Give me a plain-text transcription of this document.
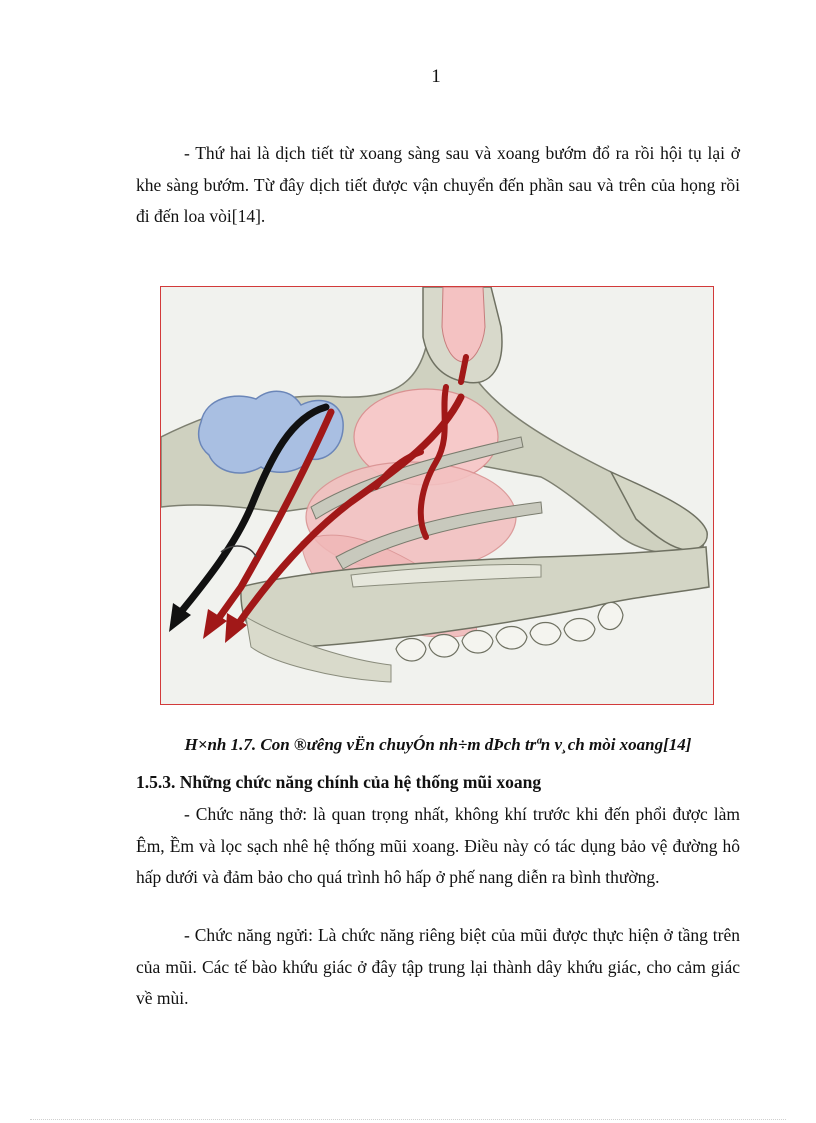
1

- Thứ hai là dịch tiết từ xoang sàng sau và xoang bướm đổ ra rồi hội tụ lại ở khe sàng bướm. Từ đây dịch tiết được vận chuyển đến phần sau và trên của họng rồi đi đến loa vòi[14].

H×nh 1.7. Con ®ưêng vËn chuyÓn nh÷m dÞch trªn v¸ch mòi xoang[14]
1.5.3. Những chức năng chính của hệ thống mũi xoang

- Chức năng thở: là quan trọng nhất, không khí trước khi đến phổi được làm Êm, Ềm và lọc sạch nhê hệ thống mũi xoang. Điều này có tác dụng bảo vệ đường hô hấp dưới và đảm bảo cho quá trình hô hấp ở phế nang diễn ra bình thường.

- Chức năng ngửi: Là chức năng riêng biệt của mũi được thực hiện ở tầng trên của mũi. Các tế bào khứu giác ở đây tập trung lại thành dây khứu giác, cho cảm giác về mùi.
